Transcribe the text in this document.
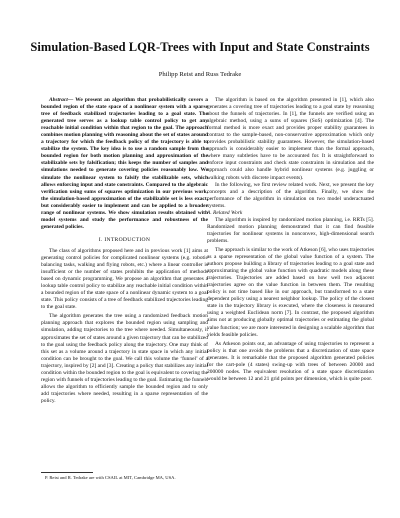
Simulation-Based LQR-Trees with Input and State Constraints
Philipp Reist and Russ Tedrake

Abstract— We present an algorithm that probabilistically covers a bounded region of the state space of a nonlinear system with a sparse tree of feedback stabilized trajectories leading to a goal state. The generated tree serves as a lookup table control policy to get any reachable initial condition within that region to the goal. The approach combines motion planning with reasoning about the set of states around a trajectory for which the feedback policy of the trajectory is able to stabilize the system. The key idea is to use a random sample from the bounded region for both motion planning and approximation of the stabilizable sets by falsification; this keeps the number of samples and simulations needed to generate covering policies reasonably low. We simulate the nonlinear system to falsify the stabilizable sets, which allows enforcing input and state constraints. Compared to the algebraic verification using sums of squares optimization in our previous work, the simulation-based approximation of the stabilizable set is less exact, but considerably easier to implement and can be applied to a broader range of nonlinear systems. We show simulation results obtained with model systems and study the performance and robustness of the generated policies.

I. INTRODUCTION

The class of algorithms proposed here and in previous work [1] aims at generating control policies for complicated nonlinear systems (e.g. robotic balancing tasks, walking and flying robots, etc.) where a linear controller is insufficient or the number of states prohibits the application of methods based on dynamic programming. We propose an algorithm that generates a lookup table control policy to stabilize any reachable initial condition within a bounded region of the state space of a nonlinear dynamic system to a goal state. This policy consists of a tree of feedback stabilized trajectories leading to the goal state.

The algorithm generates the tree using a randomized feedback motion planning approach that explores the bounded region using sampling and simulation, adding trajectories to the tree where needed. Simultaneously, it approximates the set of states around a given trajectory that can be stabilized to the goal using the feedback policy along the trajectory. One may think of this set as a volume around a trajectory in state space in which any initial condition can be brought to the goal. We call this volume the ‘funnel’ of a trajectory, inspired by [2] and [3]. Creating a policy that stabilizes any initial condition within the bounded region to the goal is equivalent to covering the region with funnels of trajectories leading to the goal. Estimating the funnels allows the algorithm to efficiently sample the bounded region and to only add trajectories where needed, resulting in a sparse representation of the policy.

The algorithm is based on the algorithm presented in [1], which also generates a covering tree of trajectories leading to a goal state by reasoning about the funnels of trajectories. In [1], the funnels are verified using an algebraic method, using a sums of squares (SoS) optimization [4]. The formal method is more exact and provides proper stability guarantees in contrast to the sample-based, non-conservative approximation which only provides probabilistic stability guarantees. However, the simulation-based approach is considerably easier to implement than the formal approach, where many subtleties have to be accounted for. It is straightforward to enforce input constraints and check state constraints in simulation and the approach could also handle hybrid nonlinear systems (e.g. juggling or walking robots with discrete impact events).

In the following, we first review related work. Next, we present the key concepts and a description of the algorithm. Finally, we show the performance of the algorithm in simulation on two model underactuated systems.

A. Related Work

The algorithm is inspired by randomized motion planning, i.e. RRTs [5]. Randomized motion planning demonstrated that it can find feasible trajectories for nonlinear systems in nonconvex, high-dimensional search problems.

The approach is similar to the work of Atkeson [6], who uses trajectories as a sparse representation of the global value function of a system. The authors propose building a library of trajectories leading to a goal state and approximating the global value function with quadratic models along these trajectories. Trajectories are added based on how well two adjacent trajectories agree on the value function in between them. The resulting policy is not time based like in our approach, but transformed to a state dependent policy using a nearest neighbor lookup. The policy of the closest state in the trajectory library is executed, where the closeness is measured using a weighted Euclidean norm [7]. In contrast, the proposed algorithm aims not at producing globally optimal trajectories or estimating the global value function; we are more interested in designing a scalable algorithm that yields feasible policies.

As Atkeson points out, an advantage of using trajectories to represent a policy is that one avoids the problems that a discretization of state space generates. It is remarkable that the proposed algorithm generated policies for the cart-pole (4 states) swing-up with trees of between 20000 and 200000 nodes. The equivalent resolution of a state space discretization would be between 12 and 21 grid points per dimension, which is quite poor.

P. Reist and R. Tedrake are with CSAIL at MIT, Cambridge MA, USA.
